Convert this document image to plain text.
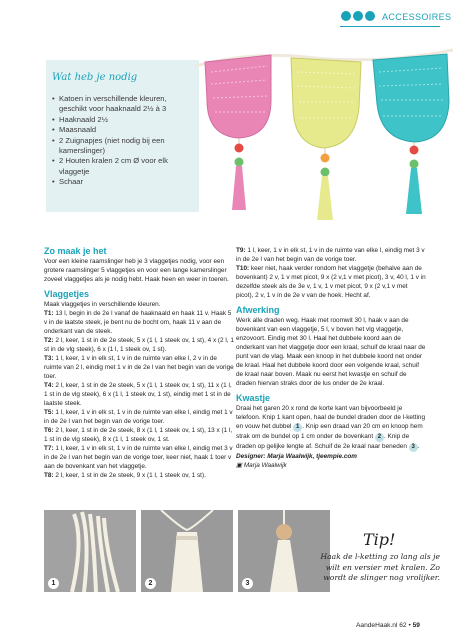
ACCESSOIRES
Wat heb je nodig
• Katoen in verschillende kleuren, geschikt voor haaknaald 2½ à 3
• Haaknaald 2½
• Maasnaald
• 2 Zuignapjes (niet nodig bij een kamerslinger)
• 2 Houten kralen 2 cm Ø voor elk vlaggetje
• Schaar

Zo maak je het

Voor een kleine raamslinger heb je 3 vlaggetjes nodig, voor een grotere raamslinger 5 vlaggetjes en voor een lange kamerslinger zoveel vlaggetjes als je nodig hebt. Haak heen en weer in toeren.

Vlaggetjes

Maak vlaggetjes in verschillende kleuren.

T1: 13 l, begin in de 2e l vanaf de haaknaald en haak 11 v. Haak 5 v in de laatste steek, je bent nu de bocht om, haak 11 v aan de onderkant van de steek.

T2: 2 l, keer, 1 st in de 2e steek, 5 x (1 l, 1 steek ov, 1 st), 4 x (2 l, 1 st in de vlg steek), 6 x (1 l, 1 steek ov, 1 st).

T3: 1 l, keer, 1 v in elk st, 1 v in de ruimte van elke l, 2 v in de ruimte van 2 l, eindig met 1 v in de 2e l van het begin van de vorige toer.

T4: 2 l, keer, 1 st in de 2e steek, 5 x (1 l, 1 steek ov, 1 st), 11 x (1 l, 1 st in de vlg steek), 6 x (1 l, 1 steek ov, 1 st), eindig met 1 st in de laatste steek.

T5: 1 l, keer, 1 v in elk st, 1 v in de ruimte van elke l, eindig met 1 v in de 2e l van het begin van de vorige toer.

T6: 2 l, keer, 1 st in de 2e steek, 8 x (1 l, 1 steek ov, 1 st), 13 x (1 l, 1 st in de vlg steek), 8 x (1 l, 1 steek ov, 1 st.

T7: 1 l, keer, 1 v in elk st, 1 v in de ruimte van elke l, eindig met 3 v in de 2e l van het begin van de vorige toer, keer niet, haak 1 toer v aan de bovenkant van het vlaggetje.

T8: 2 l, keer, 1 st in de 2e steek, 9 x (1 l, 1 steek ov, 1 st).

T9: 1 l, keer, 1 v in elk st, 1 v in de ruimte van elke l, eindig met 3 v in de 2e l van het begin van de vorige toer.

T10: keer niet, haak verder rondom het vlaggetje (behalve aan de bovenkant) 2 v, 1 v met picot, 9 x (2 v,1 v met picot), 3 v, 40 l, 1 v in dezelfde steek als de 3e v, 1 v, 1 v met picot, 9 x (2 v,1 v met picot), 2 v, 1 v in de 2e v van de hoek. Hecht af.

Afwerking

Werk alle draden weg. Haak met roomwit 30 l, haak v aan de bovenkant van een vlaggetje, 5 l, v boven het vlg vlaggetje, enzovoort. Eindig met 30 l. Haal het dubbele koord aan de onderkant van het vlaggetje door een kraal, schuif de kraal naar de punt van de vlag. Maak een knoop in het dubbele koord net onder de kraal. Haal het dubbele koord door een volgende kraal, schuif de kraal naar boven. Maak nu eerst het kwastje en schuif de draden hiervan straks door de lus onder de 2e kraal.

Kwastje

Draai het garen 20 x rond de korte kant van bijvoorbeeld je telefoon. Knip 1 kant open, haal de bundel draden door de l-ketting en vouw het dubbel 1 . Knip een draad van 20 cm en knoop hem strak om de bundel op 1 cm onder de bovenkant 2 . Knip de draden op gelijke lengte af. Schuif de 2e kraal naar beneden 3 .

Designer: Marja Waalwijk, tjeempie.com

▣ Marja Waalwijk

1	2	3
Tip!
Haak de l-ketting zo lang als je wilt en versier met kralen. Zo wordt de slinger nog vrolijker.
AandeHaak.nl 62 • 59
